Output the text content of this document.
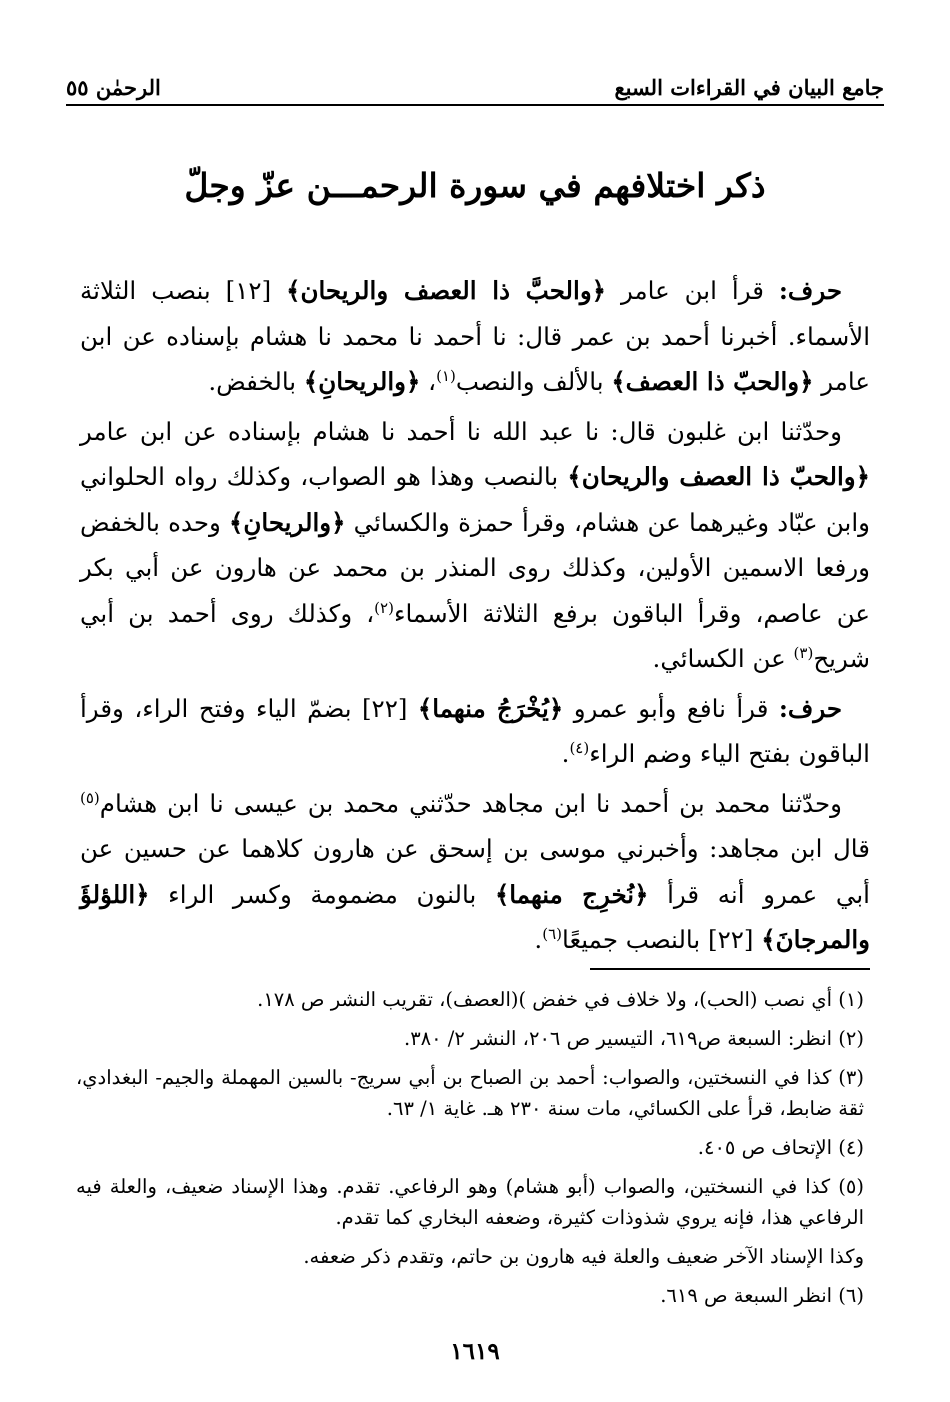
جامع البيان في القراءات السبع
الرحمٰن ٥٥
ذكر اختلافهم في سورة الرحمـــن عزّ وجلّ

حرف: قرأ ابن عامر ﴿والحبَّ ذا العصف والريحان﴾ [١٢] بنصب الثلاثة الأسماء. أخبرنا أحمد بن عمر قال: نا أحمد نا محمد نا هشام بإسناده عن ابن عامر ﴿والحبّ ذا العصف﴾ بالألف والنصب$^{(١)}$، ﴿والريحانِ﴾ بالخفض.

وحدّثنا ابن غلبون قال: نا عبد الله نا أحمد نا هشام بإسناده عن ابن عامر ﴿والحبّ ذا العصف والريحان﴾ بالنصب وهذا هو الصواب، وكذلك رواه الحلواني وابن عبّاد وغيرهما عن هشام، وقرأ حمزة والكسائي ﴿والريحانِ﴾ وحده بالخفض ورفعا الاسمين الأولين، وكذلك روى المنذر بن محمد عن هارون عن أبي بكر عن عاصم، وقرأ الباقون برفع الثلاثة الأسماء$^{(٢)}$، وكذلك روى أحمد بن أبي شريح$^{(٣)}$ عن الكسائي.

حرف: قرأ نافع وأبو عمرو ﴿يُخْرَجُ منهما﴾ [٢٢] بضمّ الياء وفتح الراء، وقرأ الباقون بفتح الياء وضم الراء$^{(٤)}$.

وحدّثنا محمد بن أحمد نا ابن مجاهد حدّثني محمد بن عيسى نا ابن هشام$^{(٥)}$ قال ابن مجاهد: وأخبرني موسى بن إسحق عن هارون كلاهما عن حسين عن أبي عمرو أنه قرأ ﴿نُخرِج منهما﴾ بالنون مضمومة وكسر الراء ﴿اللؤلؤَ والمرجانَ﴾ [٢٢] بالنصب جميعًا$^{(٦)}$.

(١) أي نصب (الحب)، ولا خلاف في خفض )(العصف)، تقريب النشر ص ١٧٨.
(٢) انظر: السبعة ص٦١٩، التيسير ص ٢٠٦، النشر ٢/ ٣٨٠.
(٣) كذا في النسختين، والصواب: أحمد بن الصباح بن أبي سريج- بالسين المهملة والجيم- البغدادي، ثقة ضابط، قرأ على الكسائي، مات سنة ٢٣٠ هـ. غاية ١/ ٦٣.
(٤) الإتحاف ص ٤٠٥.
(٥) كذا في النسختين، والصواب (أبو هشام) وهو الرفاعي. تقدم. وهذا الإسناد ضعيف، والعلة فيه الرفاعي هذا، فإنه يروي شذوذات كثيرة، وضعفه البخاري كما تقدم.
وكذا الإسناد الآخر ضعيف والعلة فيه هارون بن حاتم، وتقدم ذكر ضعفه.
(٦) انظر السبعة ص ٦١٩.
١٦١٩
